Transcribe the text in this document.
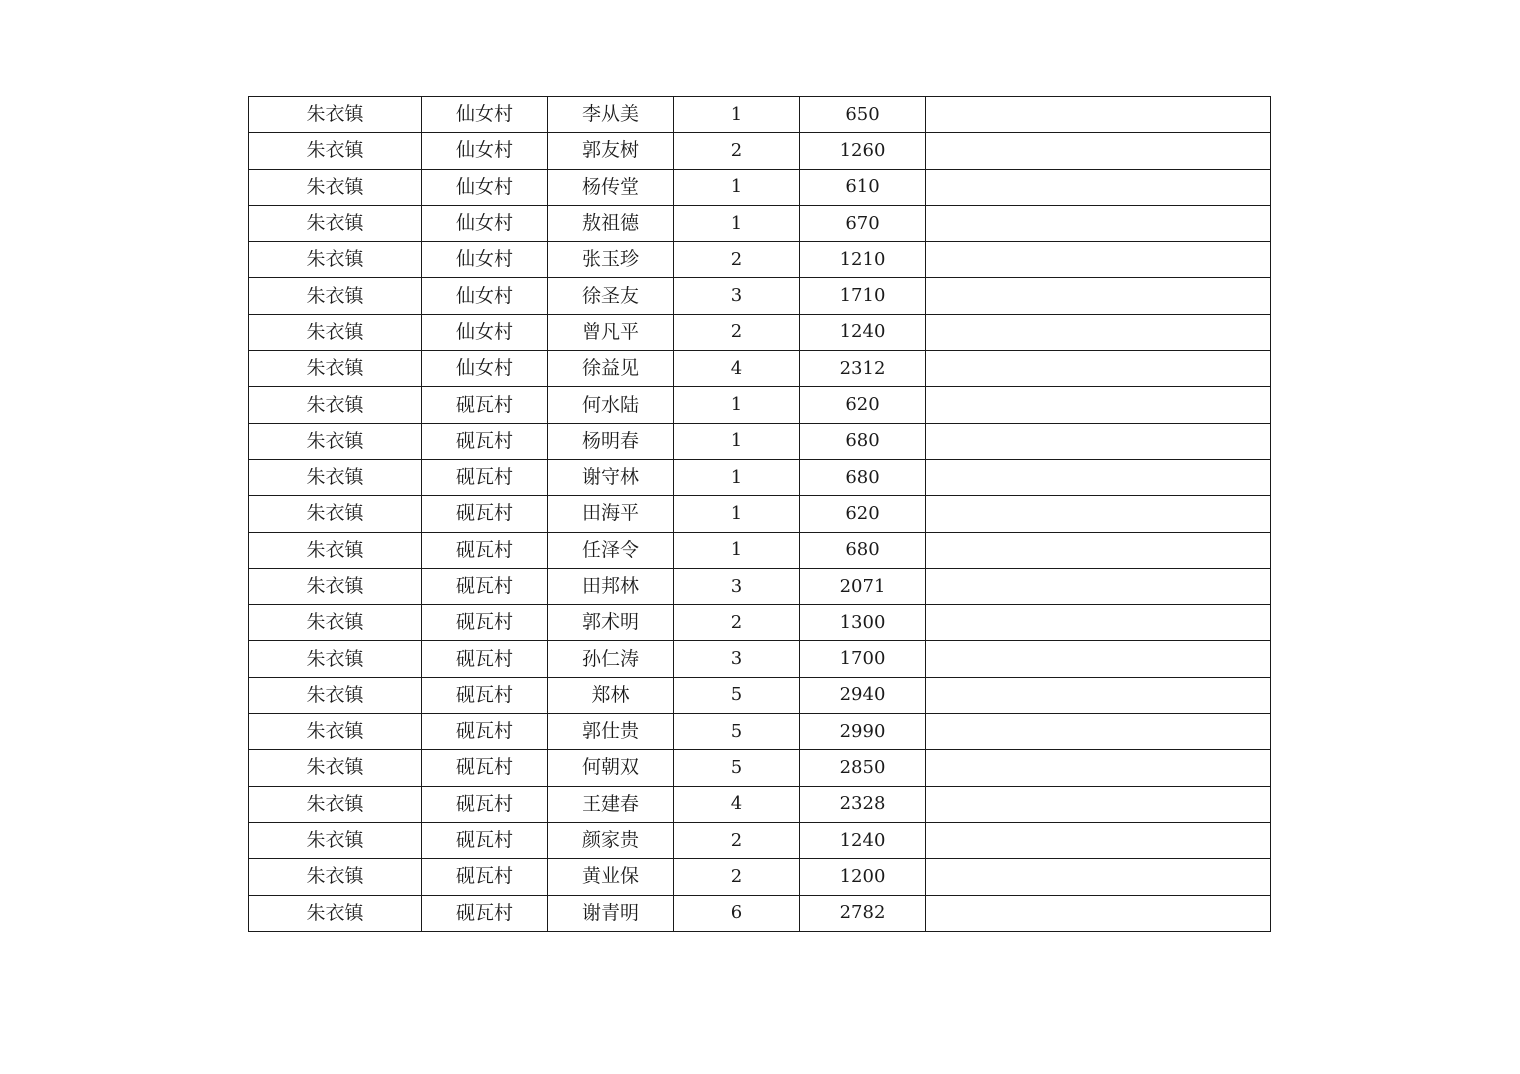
朱衣镇	仙女村	李从美	1	650	
朱衣镇	仙女村	郭友树	2	1260	
朱衣镇	仙女村	杨传堂	1	610	
朱衣镇	仙女村	敖祖德	1	670	
朱衣镇	仙女村	张玉珍	2	1210	
朱衣镇	仙女村	徐圣友	3	1710	
朱衣镇	仙女村	曾凡平	2	1240	
朱衣镇	仙女村	徐益见	4	2312	
朱衣镇	砚瓦村	何水陆	1	620	
朱衣镇	砚瓦村	杨明春	1	680	
朱衣镇	砚瓦村	谢守林	1	680	
朱衣镇	砚瓦村	田海平	1	620	
朱衣镇	砚瓦村	任泽令	1	680	
朱衣镇	砚瓦村	田邦林	3	2071	
朱衣镇	砚瓦村	郭术明	2	1300	
朱衣镇	砚瓦村	孙仁涛	3	1700	
朱衣镇	砚瓦村	郑林	5	2940	
朱衣镇	砚瓦村	郭仕贵	5	2990	
朱衣镇	砚瓦村	何朝双	5	2850	
朱衣镇	砚瓦村	王建春	4	2328	
朱衣镇	砚瓦村	颜家贵	2	1240	
朱衣镇	砚瓦村	黄业保	2	1200	
朱衣镇	砚瓦村	谢青明	6	2782	
